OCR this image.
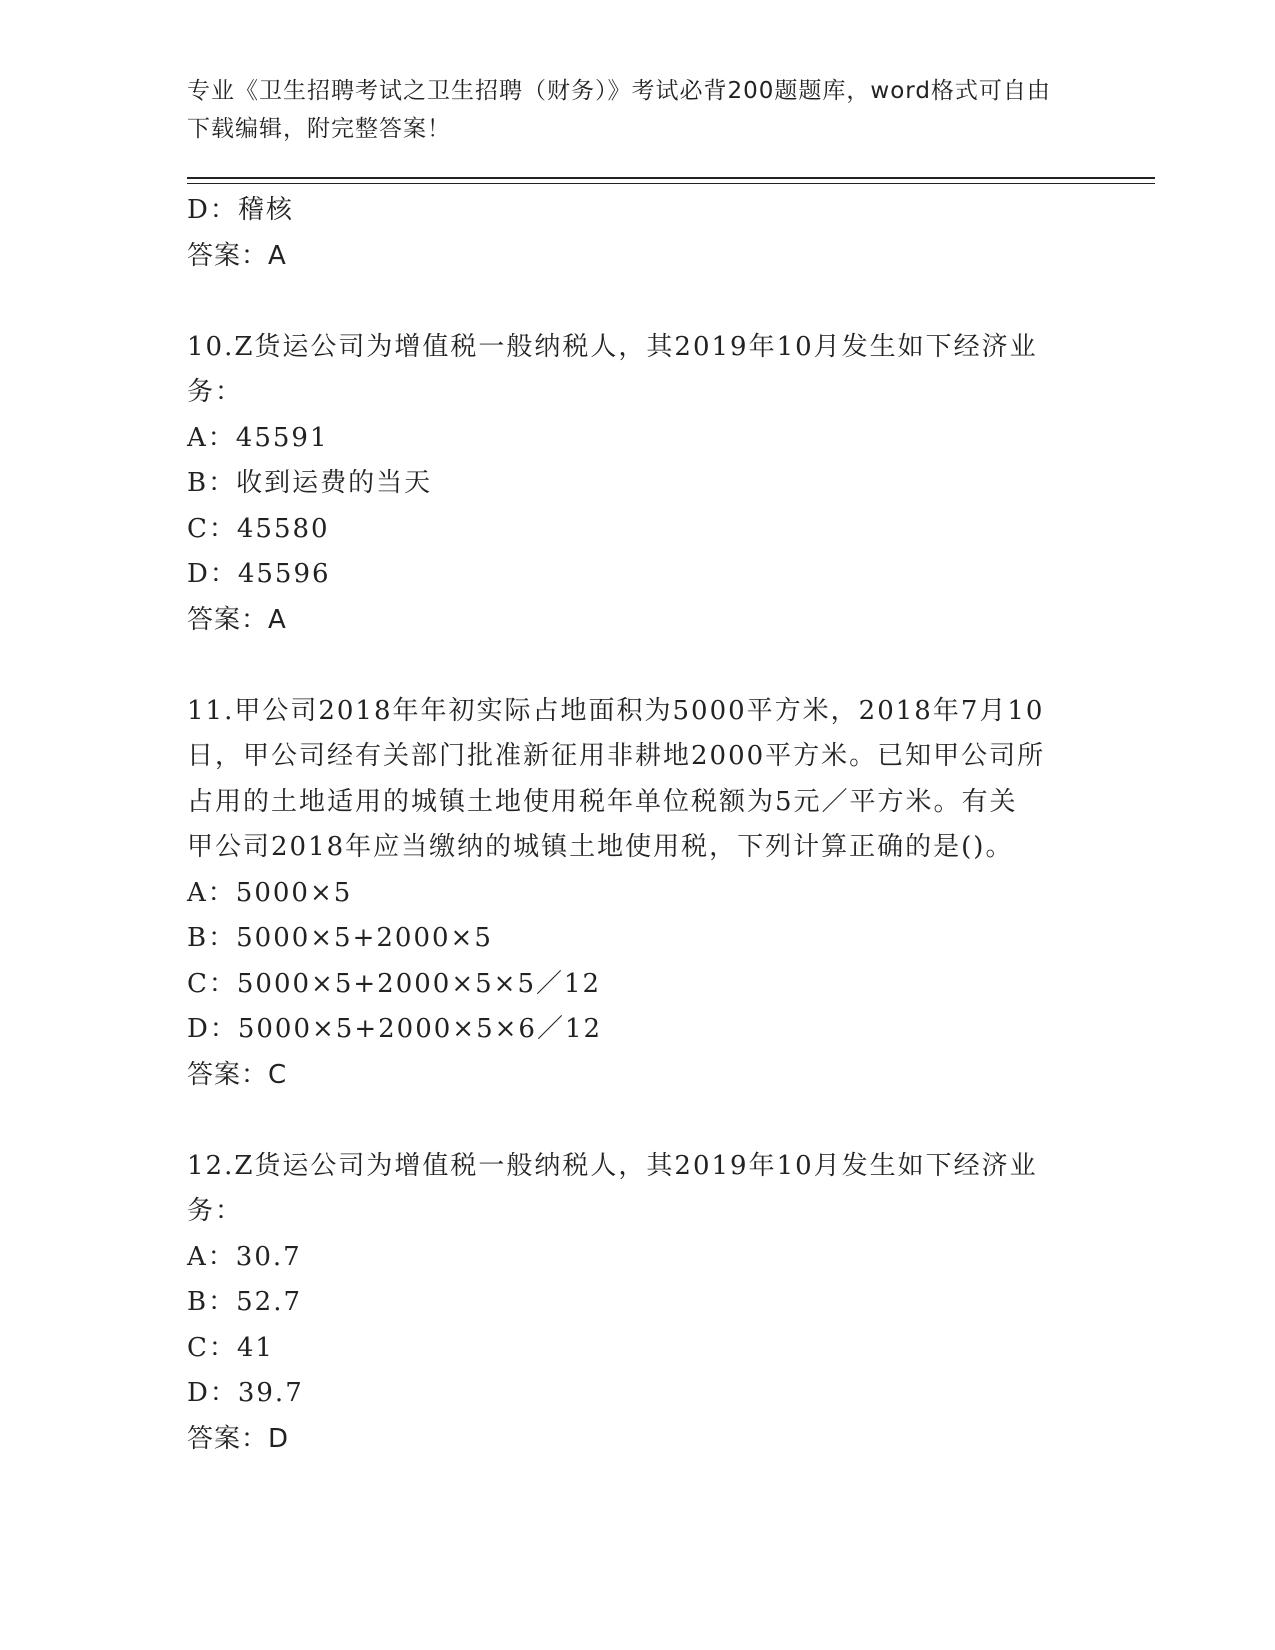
专业《卫生招聘考试之卫生招聘（财务）》考试必背200题题库，word格式可自由下载编辑，附完整答案！
D：稽核
答案：A
10.Z货运公司为增值税一般纳税人，其2019年10月发生如下经济业
务：
A：45591
B：收到运费的当天
C：45580
D：45596
答案：A
11.甲公司2018年年初实际占地面积为5000平方米，2018年7月10
日，甲公司经有关部门批准新征用非耕地2000平方米。已知甲公司所
占用的土地适用的城镇土地使用税年单位税额为5元／平方米。有关
甲公司2018年应当缴纳的城镇土地使用税，下列计算正确的是()。
A：5000×5
B：5000×5+2000×5
C：5000×5+2000×5×5／12
D：5000×5+2000×5×6／12
答案：C
12.Z货运公司为增值税一般纳税人，其2019年10月发生如下经济业
务：
A：30.7
B：52.7
C：41
D：39.7
答案：D
